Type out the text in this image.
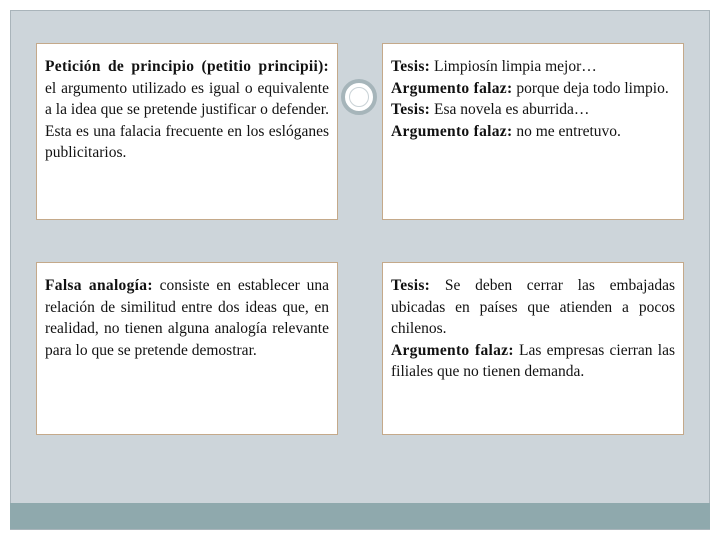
Petición de principio (petitio principii): el argumento utilizado es igual o equivalente a la idea que se pretende justificar o defender. Esta es una falacia frecuente en los eslóganes publicitarios.

Tesis: Limpiosín limpia mejor…

Argumento falaz: porque deja todo limpio.

Tesis: Esa novela es aburrida…

Argumento falaz: no me entretuvo.

Falsa analogía: consiste en establecer una relación de similitud entre dos ideas que, en realidad, no tienen alguna analogía relevante para lo que se pretende demostrar.

Tesis: Se deben cerrar las embajadas ubicadas en países que atienden a pocos chilenos.

Argumento falaz: Las empresas cierran las filiales que no tienen demanda.
